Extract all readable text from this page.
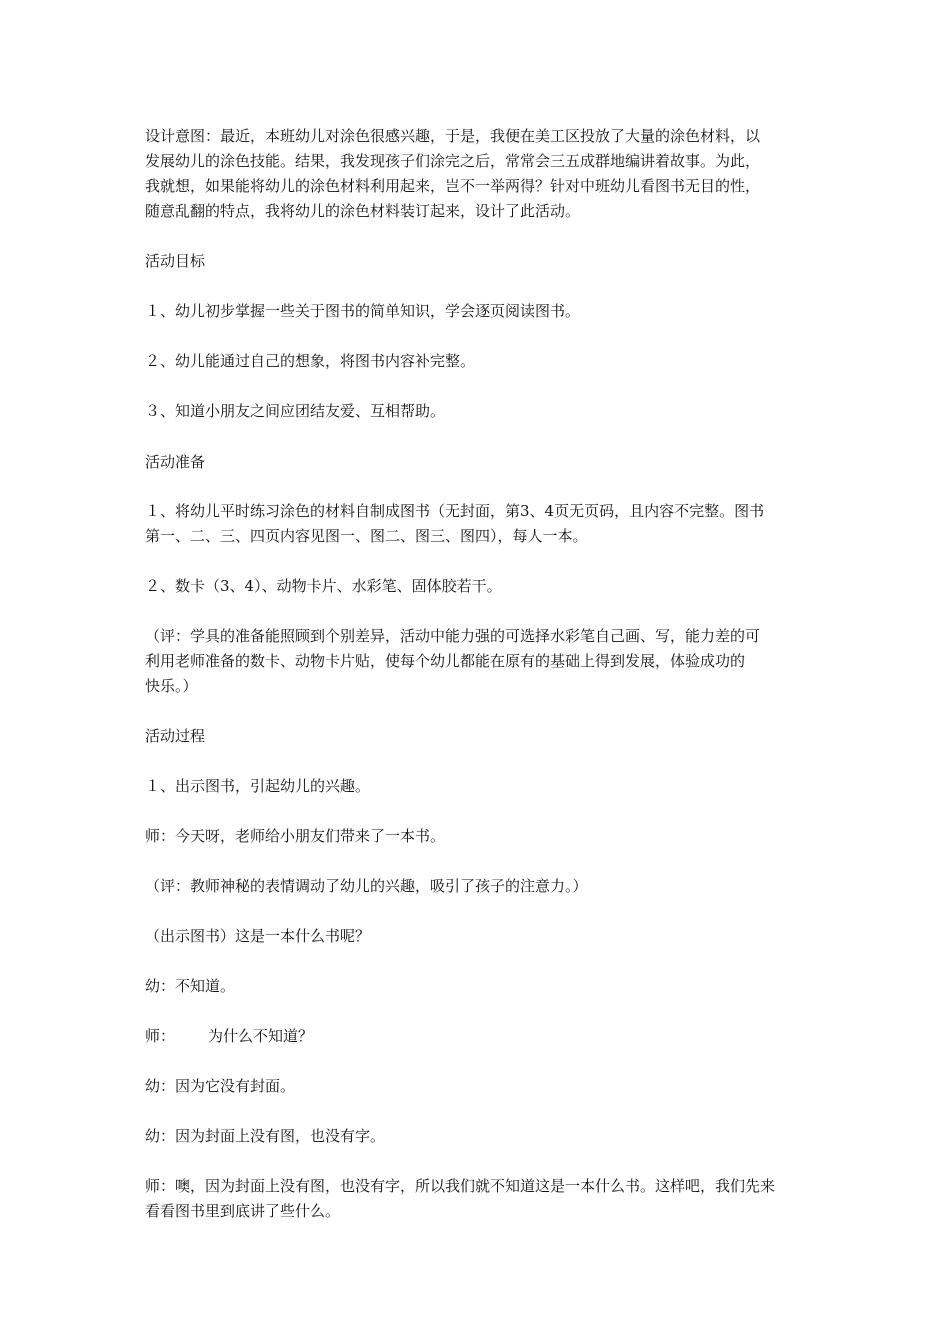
设计意图：最近，本班幼儿对涂色很感兴趣，于是，我便在美工区投放了大量的涂色材料，以
发展幼儿的涂色技能。结果，我发现孩子们涂完之后，常常会三五成群地编讲着故事。为此，
我就想，如果能将幼儿的涂色材料利用起来，岂不一举两得？针对中班幼儿看图书无目的性，
随意乱翻的特点，我将幼儿的涂色材料装订起来，设计了此活动。

活动目标

１、幼儿初步掌握一些关于图书的简单知识，学会逐页阅读图书。

２、幼儿能通过自己的想象，将图书内容补完整。

３、知道小朋友之间应团结友爱、互相帮助。

活动准备

１、将幼儿平时练习涂色的材料自制成图书（无封面，第3、4页无页码，且内容不完整。图书
第一、二、三、四页内容见图一、图二、图三、图四），每人一本。

２、数卡（3、4）、动物卡片、水彩笔、固体胶若干。

（评：学具的准备能照顾到个别差异，活动中能力强的可选择水彩笔自己画、写，能力差的可
利用老师准备的数卡、动物卡片贴，使每个幼儿都能在原有的基础上得到发展，体验成功的
快乐。）

活动过程

１、出示图书，引起幼儿的兴趣。

师：今天呀，老师给小朋友们带来了一本书。

（评：教师神秘的表情调动了幼儿的兴趣，吸引了孩子的注意力。）

（出示图书）这是一本什么书呢？

幼：不知道。

师： 为什么不知道？

幼：因为它没有封面。

幼：因为封面上没有图，也没有字。

师：噢，因为封面上没有图，也没有字，所以我们就不知道这是一本什么书。这样吧，我们先来
看看图书里到底讲了些什么。
